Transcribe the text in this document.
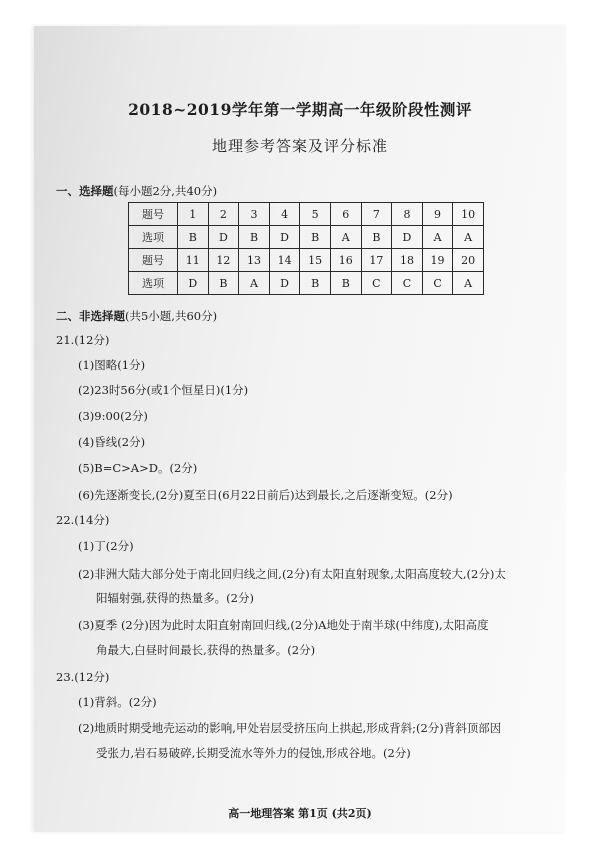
2018~2019学年第一学期高一年级阶段性测评
地理参考答案及评分标准
一、选择题(每小题2分,共40分)
题号	1	2	3	4	5	6	7	8	9	10
选项	B	D	B	D	B	A	B	D	A	A
题号	11	12	13	14	15	16	17	18	19	20
选项	D	B	A	D	B	B	C	C	C	A
二、非选择题(共5小题,共60分)
21.(12分)
(1)图略(1分)
(2)23时56分(或1个恒星日)(1分)
(3)9:00(2分)
(4)昏线(2分)
(5)B=C>A>D。(2分)
(6)先逐渐变长,(2分)夏至日(6月22日前后)达到最长,之后逐渐变短。(2分)
22.(14分)
(1)丁(2分)
(2)非洲大陆大部分处于南北回归线之间,(2分)有太阳直射现象,太阳高度较大,(2分)太
阳辐射强,获得的热量多。(2分)
(3)夏季 (2分)因为此时太阳直射南回归线,(2分)A地处于南半球(中纬度),太阳高度
角最大,白昼时间最长,获得的热量多。(2分)
23.(12分)
(1)背斜。(2分)
(2)地质时期受地壳运动的影响,甲处岩层受挤压向上拱起,形成背斜;(2分)背斜顶部因
受张力,岩石易破碎,长期受流水等外力的侵蚀,形成谷地。(2分)
高一地理答案 第1页 (共2页)
